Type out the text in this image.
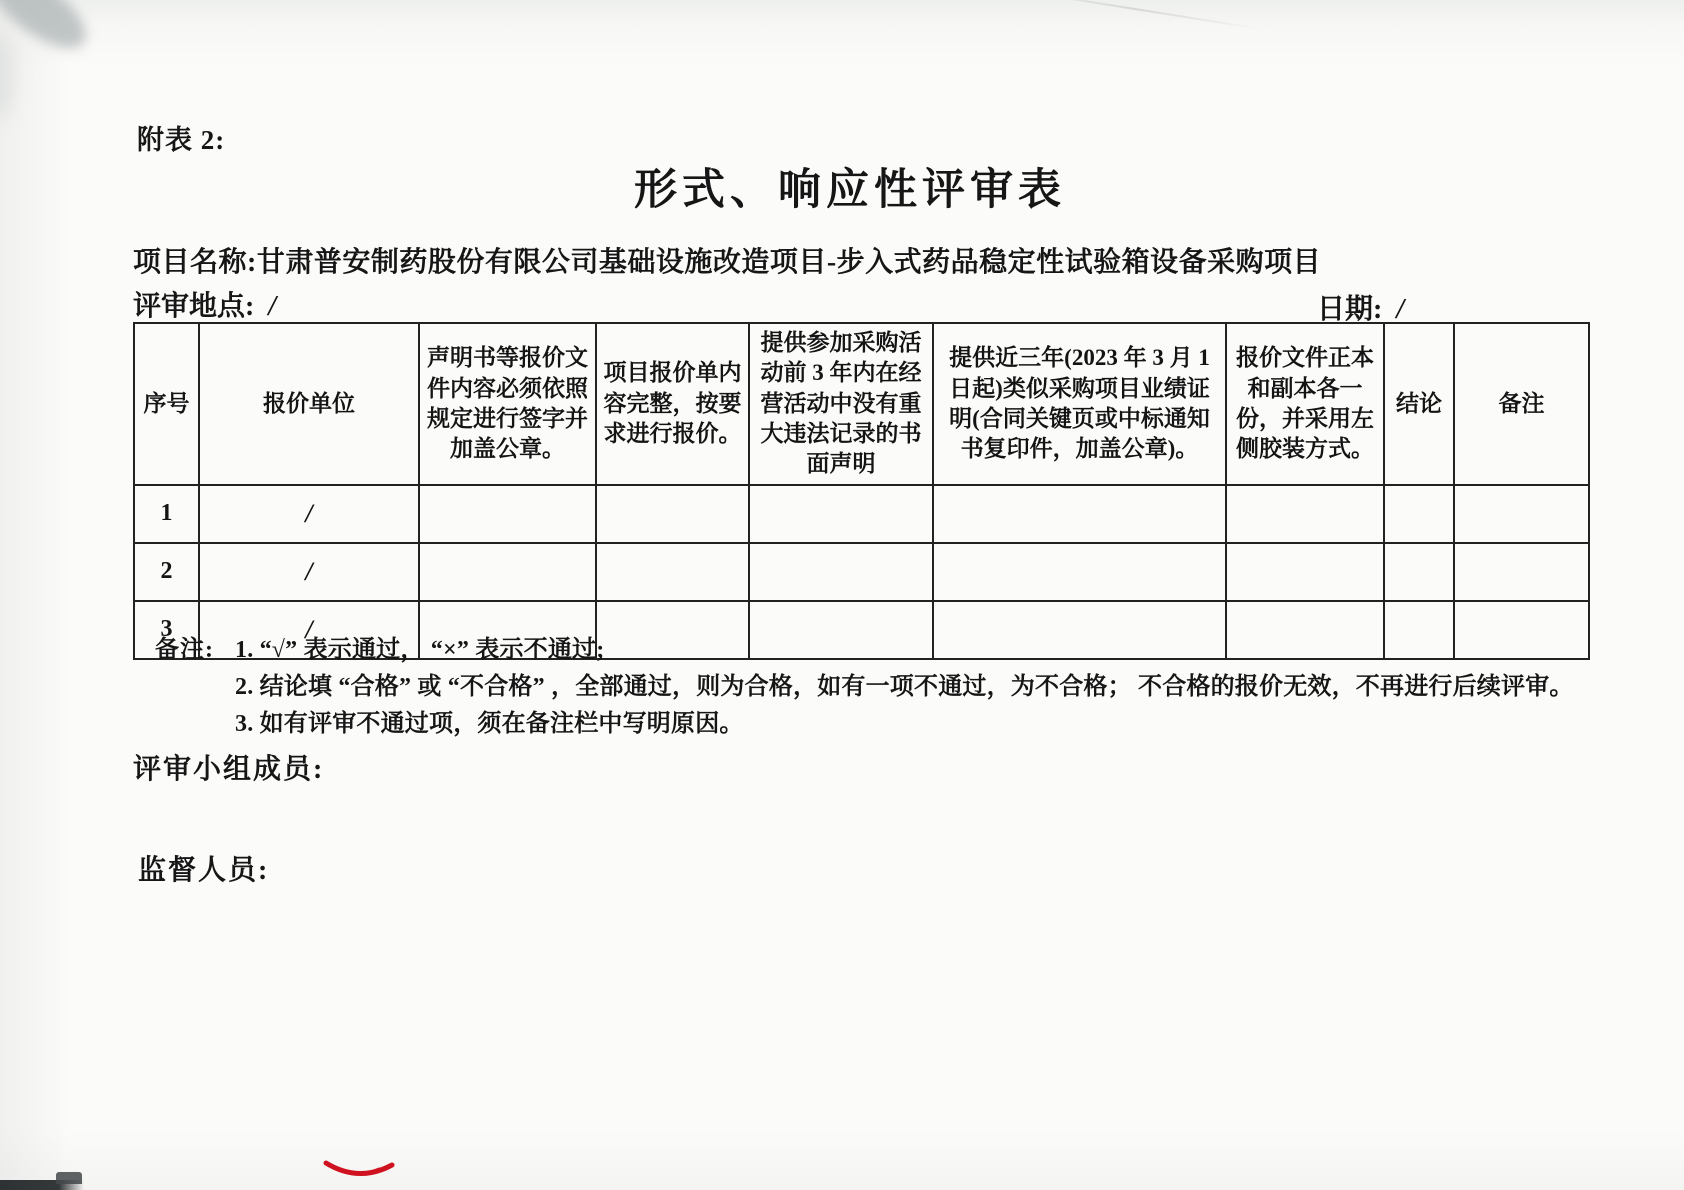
附表 2:
形式、响应性评审表
项目名称:甘肃普安制药股份有限公司基础设施改造项目-步入式药品稳定性试验箱设备采购项目
评审地点: /	日期: /
序号	报价单位	声明书等报价文件内容必须依照规定进行签字并加盖公章。	项目报价单内容完整，按要求进行报价。	提供参加采购活动前 3 年内在经营活动中没有重大违法记录的书面声明	提供近三年(2023 年 3 月 1 日起)类似采购项目业绩证明(合同关键页或中标通知书复印件，加盖公章)。	报价文件正本和副本各一份，并采用左侧胶装方式。	结论	备注
1	/							
2	/							
3	/							
备注: 1. “√” 表示通过， “×” 表示不通过;
2. 结论填 “合格” 或 “不合格” ，全部通过，则为合格，如有一项不通过，为不合格； 不合格的报价无效，不再进行后续评审。
3. 如有评审不通过项，须在备注栏中写明原因。
评审小组成员:
监督人员:
